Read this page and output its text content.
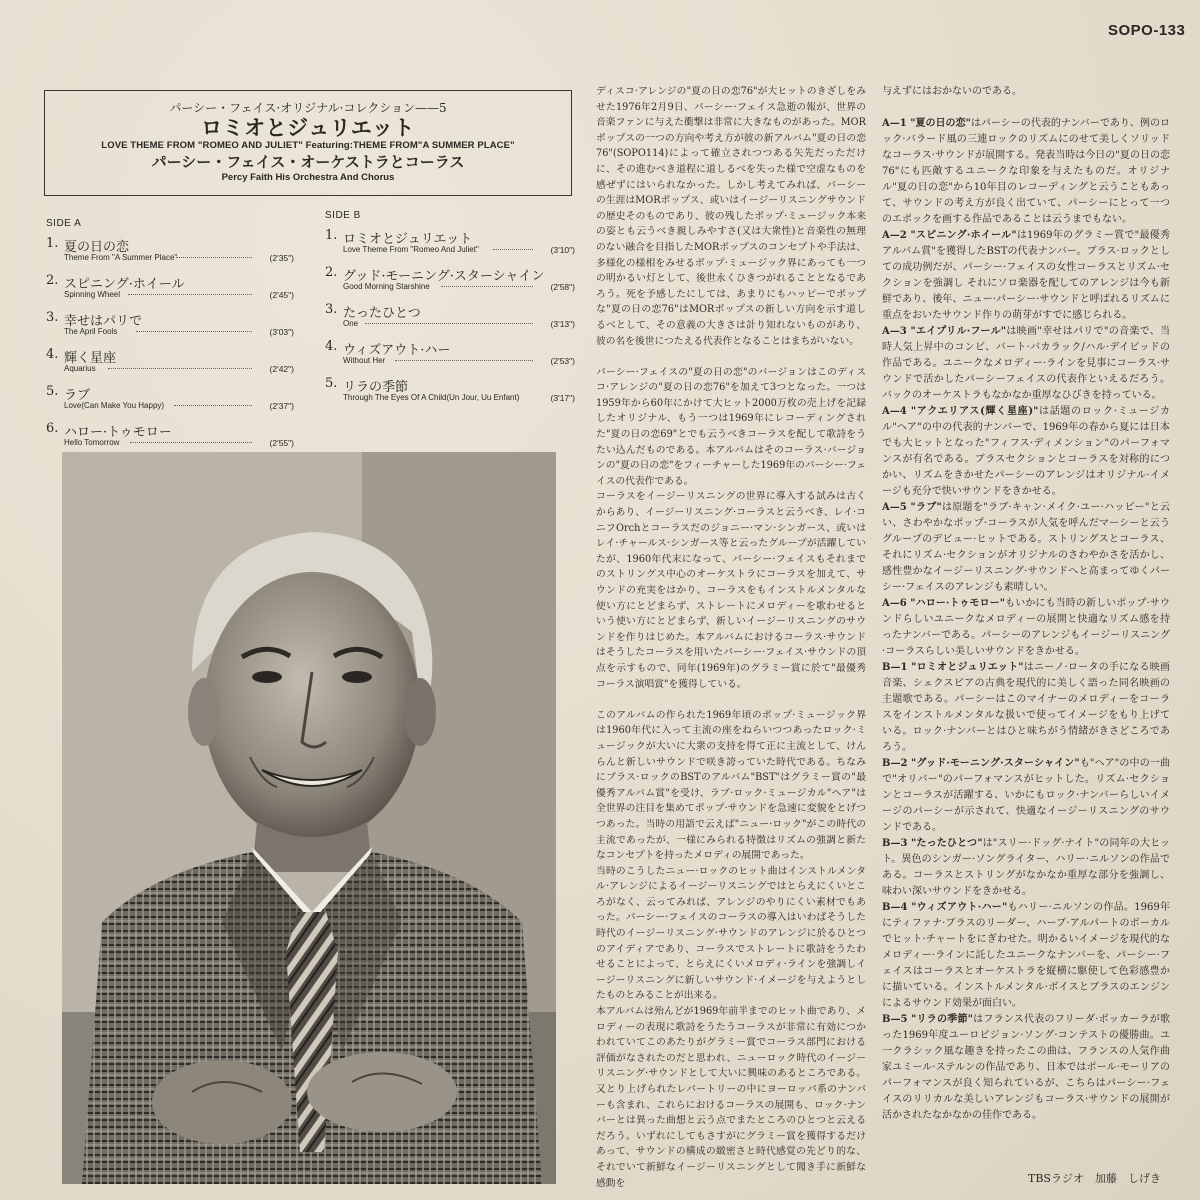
SOPO-133
パーシー・フェイス·オリジナル·コレクション——5
ロミオとジュリエット
LOVE THEME FROM "ROMEO AND JULIET" Featuring:THEME FROM"A SUMMER PLACE"
パーシー・フェイス・オーケストラとコーラス
Percy Faith His Orchestra And Chorus
SIDE A
1. 夏の日の恋
Theme From "A Summer Place"	(2'35")
2. スピニング·ホイール
Spinning Wheel	(2'45")
3. 幸せはパリで
The April Fools	(3'03")
4. 輝く星座
Aquarius	(2'42")
5. ラブ
Love(Can Make You Happy)	(2'37")
6. ハロー·トゥモロー
Hello Tomorrow	(2'55")
SIDE B
1. ロミオとジュリエット
Love Theme From "Romeo And Juliet"	(3'10")
2. グッド·モーニング·スターシャイン
Good Morning Starshine	(2'58")
3. たったひとつ
One	(3'13")
4. ウィズアウト·ハー
Without Her	(2'53")
5. リラの季節
Through The Eyes Of A Child(Un Jour, Uu Enfant)	(3'17")

ディスコ·アレンジの"夏の日の恋76"が大ヒットのきざしをみせた1976年2月9日、パーシー·フェイス急逝の報が、世界の音楽ファンに与えた衝撃は非常に大きなものがあった。MORポップスの一つの方向や考え方が彼の新アルバム"夏の日の恋76"(SOPO114)によって確立されつつある矢先だっただけに、その進むべき道程に道しるべを失った様で空虚なものを感ぜずにはいられなかった。しかし考えてみれば、パーシーの生涯はMORポップス、或いはイージーリスニングサウンドの歴史そのものであり、彼の残したポップ·ミュージック本来の姿とも云うべき親しみやすさ(又は大衆性)と音楽性の無理のない融合を目指したMORポップスのコンセプトや手法は、多様化の様相をみせるポップ·ミュージック界にあっても一つの明かるい灯として、後世永くひきつがれることとなるであろう。死を予感したにしては、あまりにもハッピーでポップな"夏の日の恋76"はMORポップスの新しい方向を示す道しるべとして、その意義の大きさは計り知れないものがあり、彼の名を後世につたえる代表作となることはまちがいない。

パーシー·フェイスの"夏の日の恋"のバージョンはこのディスコ·アレンジの"夏の日の恋76"を加えて3つとなった。一つは1959年から60年にかけて大ヒット2000万枚の売上げを記録したオリジナル、もう一つは1969年にレコーディングされた"夏の日の恋69"とでも云うべきコーラスを配して歌詩をうたい込んだものである。本アルバムはそのコーラス·バージョンの"夏の日の恋"をフィーチャーした1969年のパーシー·フェイスの代表作である。

コーラスをイージーリスニングの世界に導入する試みは古くからあり、イージーリスニング·コーラスと云うべき、レイ·コニフOrchとコーラスだのジョニー·マン·シンガース、或いはレイ·チャールス·シンガース等と云ったグループが活躍していたが、1960年代末になって、パーシー·フェイスもそれまでのストリングス中心のオーケストラにコーラスを加えて、サウンドの充実をはかり、コーラスをもインストルメンタルな使い方にとどまらず、ストレートにメロディーを歌わせるという使い方にとどまらず、新しいイージーリスニングのサウンドを作りはじめた。本アルバムにおけるコーラス·サウンドはそうしたコーラスを用いたパーシー·フェイス·サウンドの頂点を示すもので、同年(1969年)のグラミー賞に於て"最優秀コーラス演唱賞"を獲得している。

このアルバムの作られた1969年頃のポップ·ミュージック界は1960年代に入って主流の座をねらいつつあったロック·ミュージックが大いに大衆の支持を得て正に主流として、けんらんと新しいサウンドで咲き誇っていた時代である。ちなみにブラス·ロックのBSTのアルバム"BST"はグラミー賞の"最優秀アルバム賞"を受け、ラブ·ロック·ミュージカル"ヘア"は全世界の注目を集めてポップ·サウンドを急速に変貌をとげつつあった。当時の用語で云えば"ニュー·ロック"がこの時代の主流であったが、一様にみられる特徴はリズムの強調と新たなコンセプトを持ったメロディの展開であった。

当時のこうしたニュー·ロックのヒット曲はインストルメンタル·アレンジによるイージーリスニングではとらえにくいところがなく、云ってみれば、アレンジのやりにくい素材でもあった。パーシー·フェイスのコーラスの導入はいわばそうした時代のイージーリスニング·サウンドのアレンジに於るひとつのアイディアであり、コーラスでストレートに歌詩をうたわせることによって、とらえにくいメロディ·ラインを強調しイージーリスニングに新しいサウンド·イメージを与えようとしたものとみることが出来る。

本アルバムは殆んどが1969年前半までのヒット曲であり、メロディーの表現に歌詩をうたうコーラスが非常に有効につかわれていてこのあたりがグラミー賞でコーラス部門における評価がなされたのだと思われ、ニューロック時代のイージーリスニング·サウンドとして大いに興味のあるところである。又とり上げられたレパートリーの中にヨーロッパ系のナンバーも含まれ、これらにおけるコーラスの展開も、ロック·ナンバーとは異った曲想と云う点でまたところのひとつと云えるだろう。いずれにしてもさすがにグラミー賞を獲得するだけあって、サウンドの構成の緻密さと時代感覚の先どり的な、それでいて新鮮なイージーリスニングとして聞き手に新鮮な感動を

与えずにはおかないのである。

A—1 "夏の日の恋"はパーシーの代表的ナンバーであり、例のロック·バラード風の三連ロックのリズムにのせて美しくソリッドなコーラス·サウンドが展開する。発表当時は今日の"夏の日の恋76"にも匹敵するユニークな印象を与えたものだ。オリジナル"夏の日の恋"から10年目のレコーディングと云うこともあって、サウンドの考え方が良く出ていて、パーシーにとって一つのエポックを画する作品であることは云うまでもない。

A—2 "スピニング·ホイール"は1969年のグラミー賞で"最優秀アルバム賞"を獲得したBSTの代表ナンバー。ブラス·ロックとしての成功例だが、パーシー·フェイスの女性コーラスとリズム·セクションを強調し それにソロ楽器を配してのアレンジは今も新鮮であり、後年、ニュー·パーシー·サウンドと呼ばれるリズムに重点をおいたサウンド作りの萌芽がすでに感じられる。

A—3 "エイプリル·フール"は映画"幸せはパリで"の音楽で、当時人気上昇中のコンビ、バート·バカラック/ハル·デイビッドの作品である。ユニークなメロディー·ラインを見事にコーラス·サウンドで活かしたパーシーフェイスの代表作といえるだろう。バックのオーケストラもなかなか重厚なひびきを持っている。

A—4 "アクエリアス(輝く星座)"は話題のロック·ミュージカル"ヘア"の中の代表的ナンバーで、1969年の春から夏には日本でも大ヒットとなった"フィフス·ディメンション"のパーフォマンスが有名である。ブラスセクションとコーラスを対称的につかい、リズムをきかせたパーシーのアレンジはオリジナル·イメージも充分で快いサウンドをきかせる。

A—5 "ラブ"は原題を"ラブ·キャン·メイク·ユー·ハッピー"と云い、さわやかなポップ·コーラスが人気を呼んだマーシーと云うグループのデビュー·ヒットである。ストリングスとコーラス、それにリズム·セクションがオリジナルのさわやかさを活かし、感性豊かなイージーリスニング·サウンドへと高まってゆくパーシー·フェイスのアレンジも素晴しい。

A—6 "ハロー·トゥモロー"もいかにも当時の新しいポップ·サウンドらしいユニークなメロディーの展開と快適なリズム感を持ったナンバーである。パーシーのアレンジもイージーリスニング·コーラスらしい美しいサウンドをきかせる。

B—1 "ロミオとジュリエット"はニーノ·ロータの手になる映画音楽、シェクスピアの古典を現代的に美しく語った同名映画の主題歌である。パーシーはこのマイナーのメロディーをコーラスをインストルメンタルな扱いで使ってイメージをもり上げている。ロック·ナンバーとはひと味ちがう情緒がきさどころであろう。

B—2 "グッド·モーニング·スターシャイン"も"ヘア"の中の一曲で"オリバー"のパーフォマンスがヒットした。リズム·セクションとコーラスが活躍する、いかにもロック·ナンバーらしいイメージのパーシーが示されて、快適なイージーリスニングのサウンドである。

B—3 "たったひとつ"は"スリー·ドッグ·ナイト"の同年の大ヒット。異色のシンガー·ソングライター、ハリー·ニルソンの作品である。コーラスとストリングがなかなか重厚な部分を強調し、味わい深いサウンドをきかせる。

B—4 "ウィズアウト·ハー"もハリー·ニルソンの作品。1969年にティファナ·ブラスのリーダー、ハーブ·アルパートのボーカルでヒット·チャートをにぎわせた。明かるいイメージを現代的なメロディー·ラインに託したユニークなナンバーを、パーシー·フェイスはコーラスとオーケストラを縦横に駆使して色彩感豊かに描いている。インストルメンタル·ボイスとブラスのエンジンによるサウンド効果が面白い。

B—5 "リラの季節"はフランス代表のフリーダ·ボッカーラが歌った1969年度ユーロビジョン·ソング·コンテストの優勝曲。ユ一クラシック風な趣きを持ったこの曲は、フランスの人気作曲家ユミール·ステルンの作品であり、日本ではポール·モーリアのパーフォマンスが良く知られているが、こちらはパーシー·フェイスのリリカルな美しいアレンジもコーラス·サウンドの展開が活かされたなかなかの佳作である。

TBSラジオ　加藤　しげき
